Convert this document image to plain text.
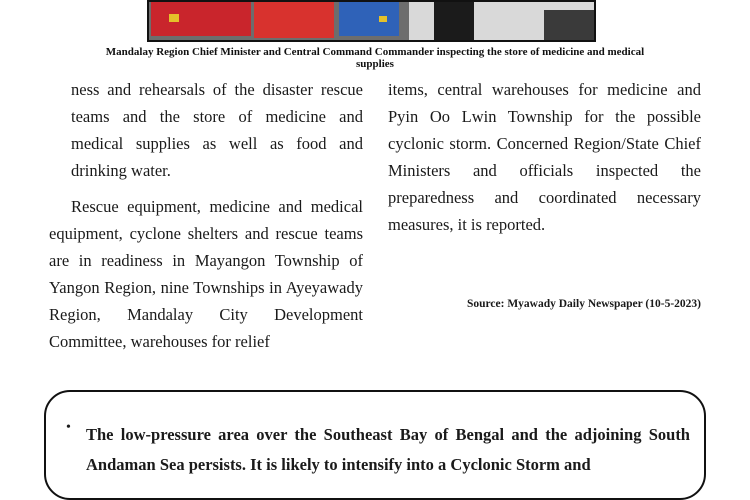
Mandalay Region Chief Minister and Central Command Commander inspecting the store of medicine and medical supplies

ness and rehearsals of the disaster rescue teams and the store of medicine and medical supplies as well as food and drinking water.

Rescue equipment, medicine and medical equipment, cyclone shelters and rescue teams are in readiness in Mayangon Township of Yangon Region, nine Townships in Ayeyawady Region, Mandalay City Development Committee, warehouses for relief

items, central warehouses for medicine and Pyin Oo Lwin Township for the possible cyclonic storm. Concerned Region/State Chief Ministers and officials inspected the preparedness and coordinated necessary measures, it is reported.

Source: Myawady Daily Newspaper (10-5-2023)
• The low-pressure area over the Southeast Bay of Bengal and the adjoining South Andaman Sea persists. It is likely to intensify into a Cyclonic Storm and
